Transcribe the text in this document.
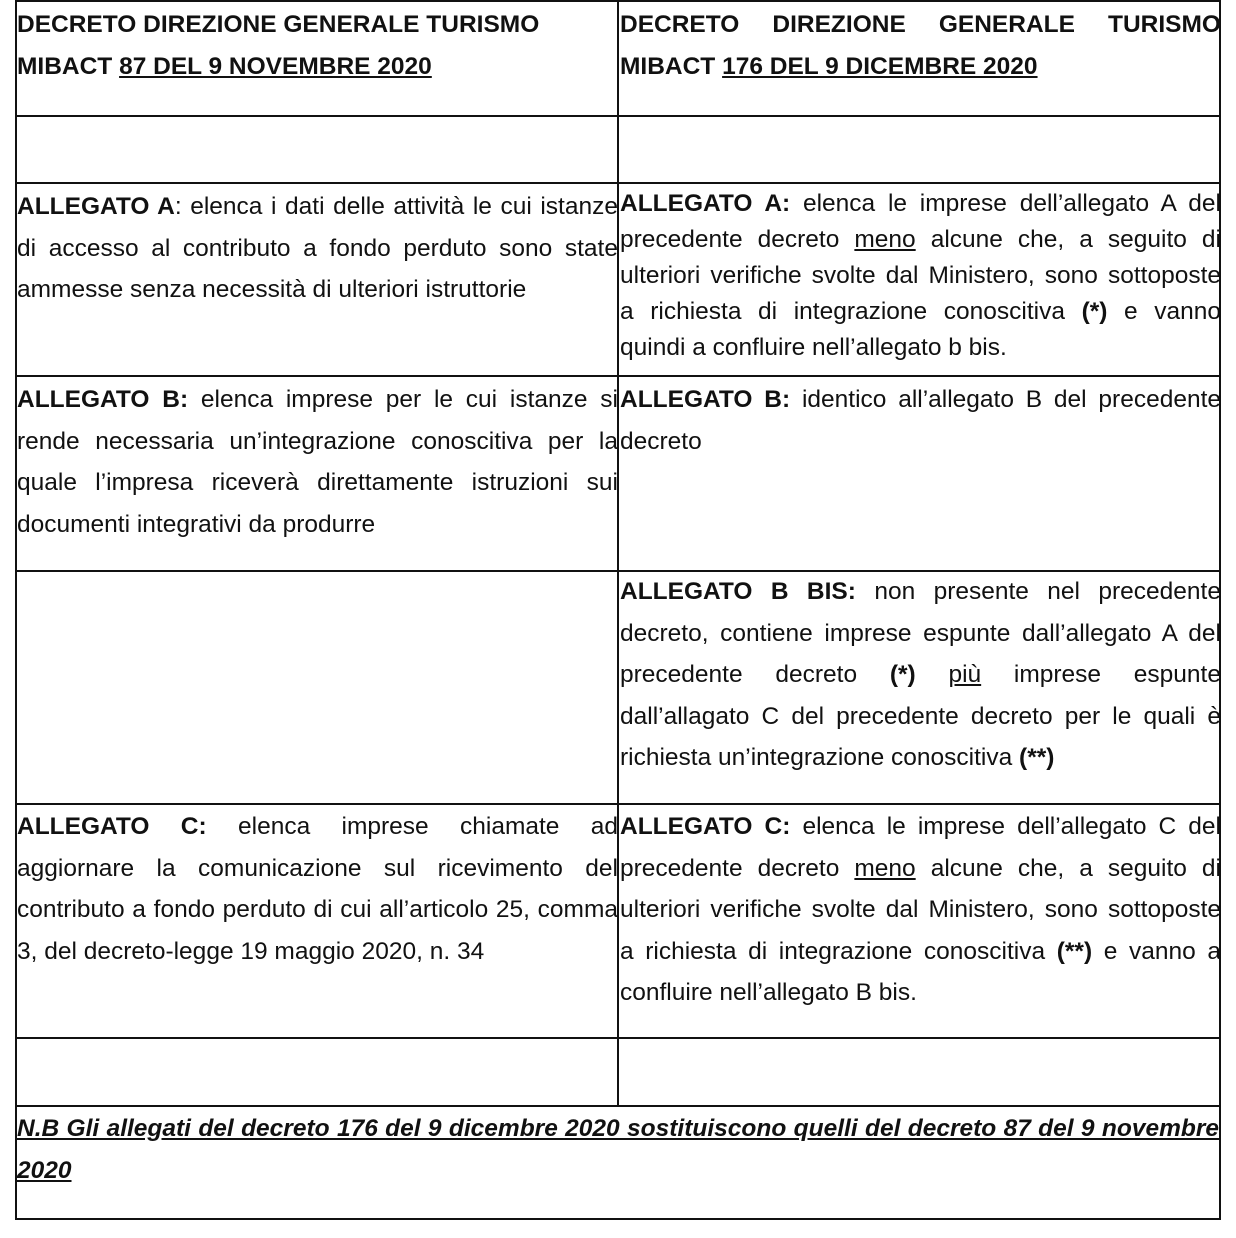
DECRETO DIREZIONE GENERALE TURISMO
MIBACT 87 DEL 9 NOVEMBRE 2020
DECRETO DIREZIONE GENERALE TURISMO
MIBACT 176 DEL 9 DICEMBRE 2020
ALLEGATO A: elenca i dati delle attività le cui istanze di accesso al contributo a fondo perduto sono state ammesse senza necessità di ulteriori istruttorie
ALLEGATO A: elenca le imprese dell’allegato A del precedente decreto meno alcune che, a seguito di ulteriori verifiche svolte dal Ministero, sono sottoposte a richiesta di integrazione conoscitiva (*) e vanno quindi a confluire nell’allegato b bis.
ALLEGATO B: elenca imprese per le cui istanze si rende necessaria un’integrazione conoscitiva per la quale l’impresa riceverà direttamente istruzioni sui documenti integrativi da produrre
ALLEGATO B: identico all’allegato B del precedente decreto
ALLEGATO B BIS: non presente nel precedente decreto, contiene imprese espunte dall’allegato A del precedente decreto (*) più imprese espunte dall’allagato C del precedente decreto per le quali è richiesta un’integrazione conoscitiva (**)
ALLEGATO C: elenca imprese chiamate ad aggiornare la comunicazione sul ricevimento del contributo a fondo perduto di cui all’articolo 25, comma 3, del decreto-legge 19 maggio 2020, n. 34
ALLEGATO C: elenca le imprese dell’allegato C del precedente decreto meno alcune che, a seguito di ulteriori verifiche svolte dal Ministero, sono sottoposte a richiesta di integrazione conoscitiva (**) e vanno a confluire nell’allegato B bis.
N.B Gli allegati del decreto 176 del 9 dicembre 2020 sostituiscono quelli del decreto 87 del 9 novembre 2020
